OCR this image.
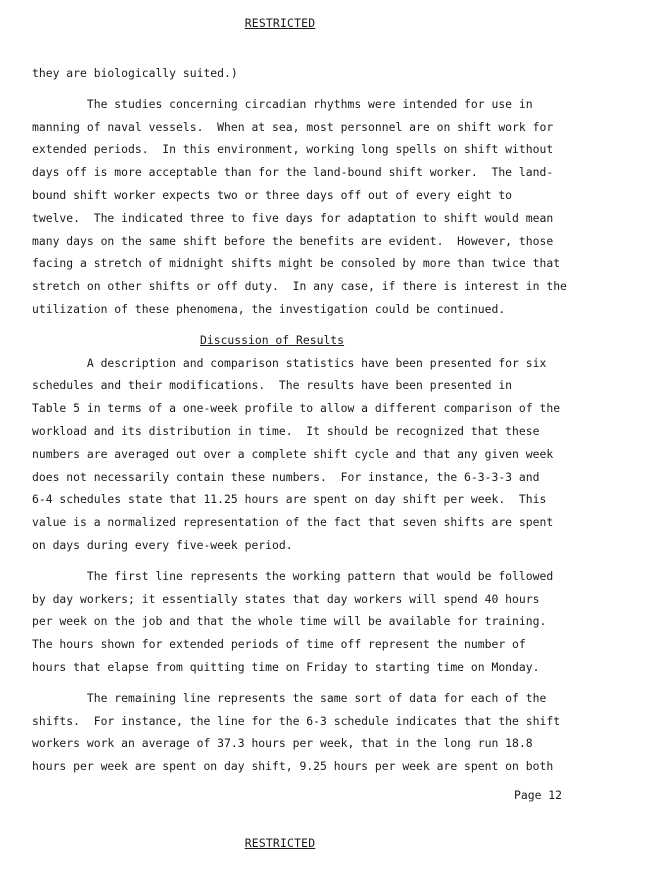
RESTRICTED
they are biologically suited.)
The studies concerning circadian rhythms were intended for use in
manning of naval vessels.  When at sea, most personnel are on shift work for
extended periods.  In this environment, working long spells on shift without
days off is more acceptable than for the land-bound shift worker.  The land-
bound shift worker expects two or three days off out of every eight to
twelve.  The indicated three to five days for adaptation to shift would mean
many days on the same shift before the benefits are evident.  However, those
facing a stretch of midnight shifts might be consoled by more than twice that
stretch on other shifts or off duty.  In any case, if there is interest in the
utilization of these phenomena, the investigation could be continued.
Discussion of Results
A description and comparison statistics have been presented for six
schedules and their modifications.  The results have been presented in
Table 5 in terms of a one-week profile to allow a different comparison of the
workload and its distribution in time.  It should be recognized that these
numbers are averaged out over a complete shift cycle and that any given week
does not necessarily contain these numbers.  For instance, the 6-3-3-3 and
6-4 schedules state that 11.25 hours are spent on day shift per week.  This
value is a normalized representation of the fact that seven shifts are spent
on days during every five-week period.
The first line represents the working pattern that would be followed
by day workers; it essentially states that day workers will spend 40 hours
per week on the job and that the whole time will be available for training.
The hours shown for extended periods of time off represent the number of
hours that elapse from quitting time on Friday to starting time on Monday.
The remaining line represents the same sort of data for each of the
shifts.  For instance, the line for the 6-3 schedule indicates that the shift
workers work an average of 37.3 hours per week, that in the long run 18.8
hours per week are spent on day shift, 9.25 hours per week are spent on both
Page 12
RESTRICTED
